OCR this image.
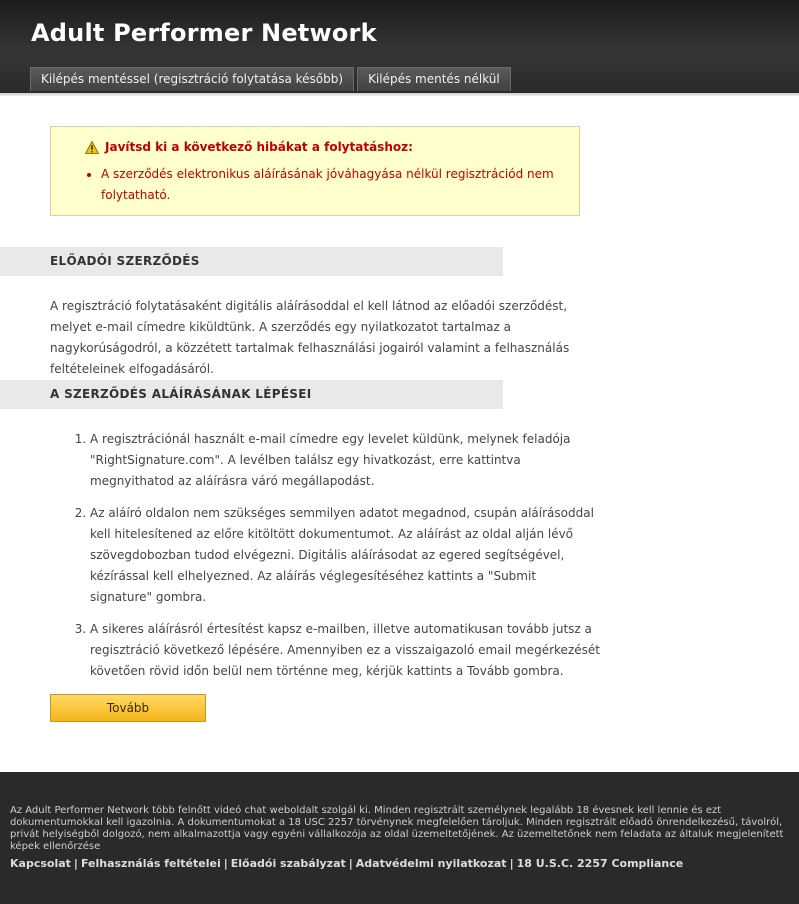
Adult Performer Network
Kilépés mentéssel (regisztráció folytatása később)	Kilépés mentés nélkül
Javítsd ki a következő hibákat a folytatáshoz:
• A szerződés elektronikus aláírásának jóváhagyása nélkül regisztrációd nem folytatható.
ELŐADÓI SZERZŐDÉS

A regisztráció folytatásaként digitális aláírásoddal el kell látnod az előadói szerződést, melyet e-mail címedre kiküldtünk. A szerződés egy nyilatkozatot tartalmaz a nagykorúságodról, a közzétett tartalmak felhasználási jogairól valamint a felhasználás feltételeinek elfogadásáról.

A SZERZŐDÉS ALÁÍRÁSÁNAK LÉPÉSEI
1. A regisztrációnál használt e-mail címedre egy levelet küldünk, melynek feladója "RightSignature.com". A levélben találsz egy hivatkozást, erre kattintva megnyithatod az aláírásra váró megállapodást.
2. Az aláíró oldalon nem szükséges semmilyen adatot megadnod, csupán aláírásoddal kell hitelesítened az előre kitöltött dokumentumot. Az aláírást az oldal alján lévő szövegdobozban tudod elvégezni. Digitális aláírásodat az egered segítségével, kézírással kell elhelyezned. Az aláírás véglegesítéséhez kattints a "Submit signature" gombra.
3. A sikeres aláírásról értesítést kapsz e-mailben, illetve automatikusan tovább jutsz a regisztráció következő lépésére. Amennyiben ez a visszaigazoló email megérkezését követően rövid időn belül nem történne meg, kérjük kattints a Tovább gombra.
Tovább

Az Adult Performer Network több felnőtt videó chat weboldalt szolgál ki. Minden regisztrált személynek legalább 18 évesnek kell lennie és ezt dokumentumokkal kell igazolnia. A dokumentumokat a 18 USC 2257 törvénynek megfelelően tároljuk. Minden regisztrált előadó önrendelkezésű, távolról, privát helyiségből dolgozó, nem alkalmazottja vagy egyéni vállalkozója az oldal üzemeltetőjének. Az üzemeltetőnek nem feladata az általuk megjelenített képek ellenőrzése

Kapcsolat | Felhasználás feltételei | Előadói szabályzat | Adatvédelmi nyilatkozat | 18 U.S.C. 2257 Compliance
